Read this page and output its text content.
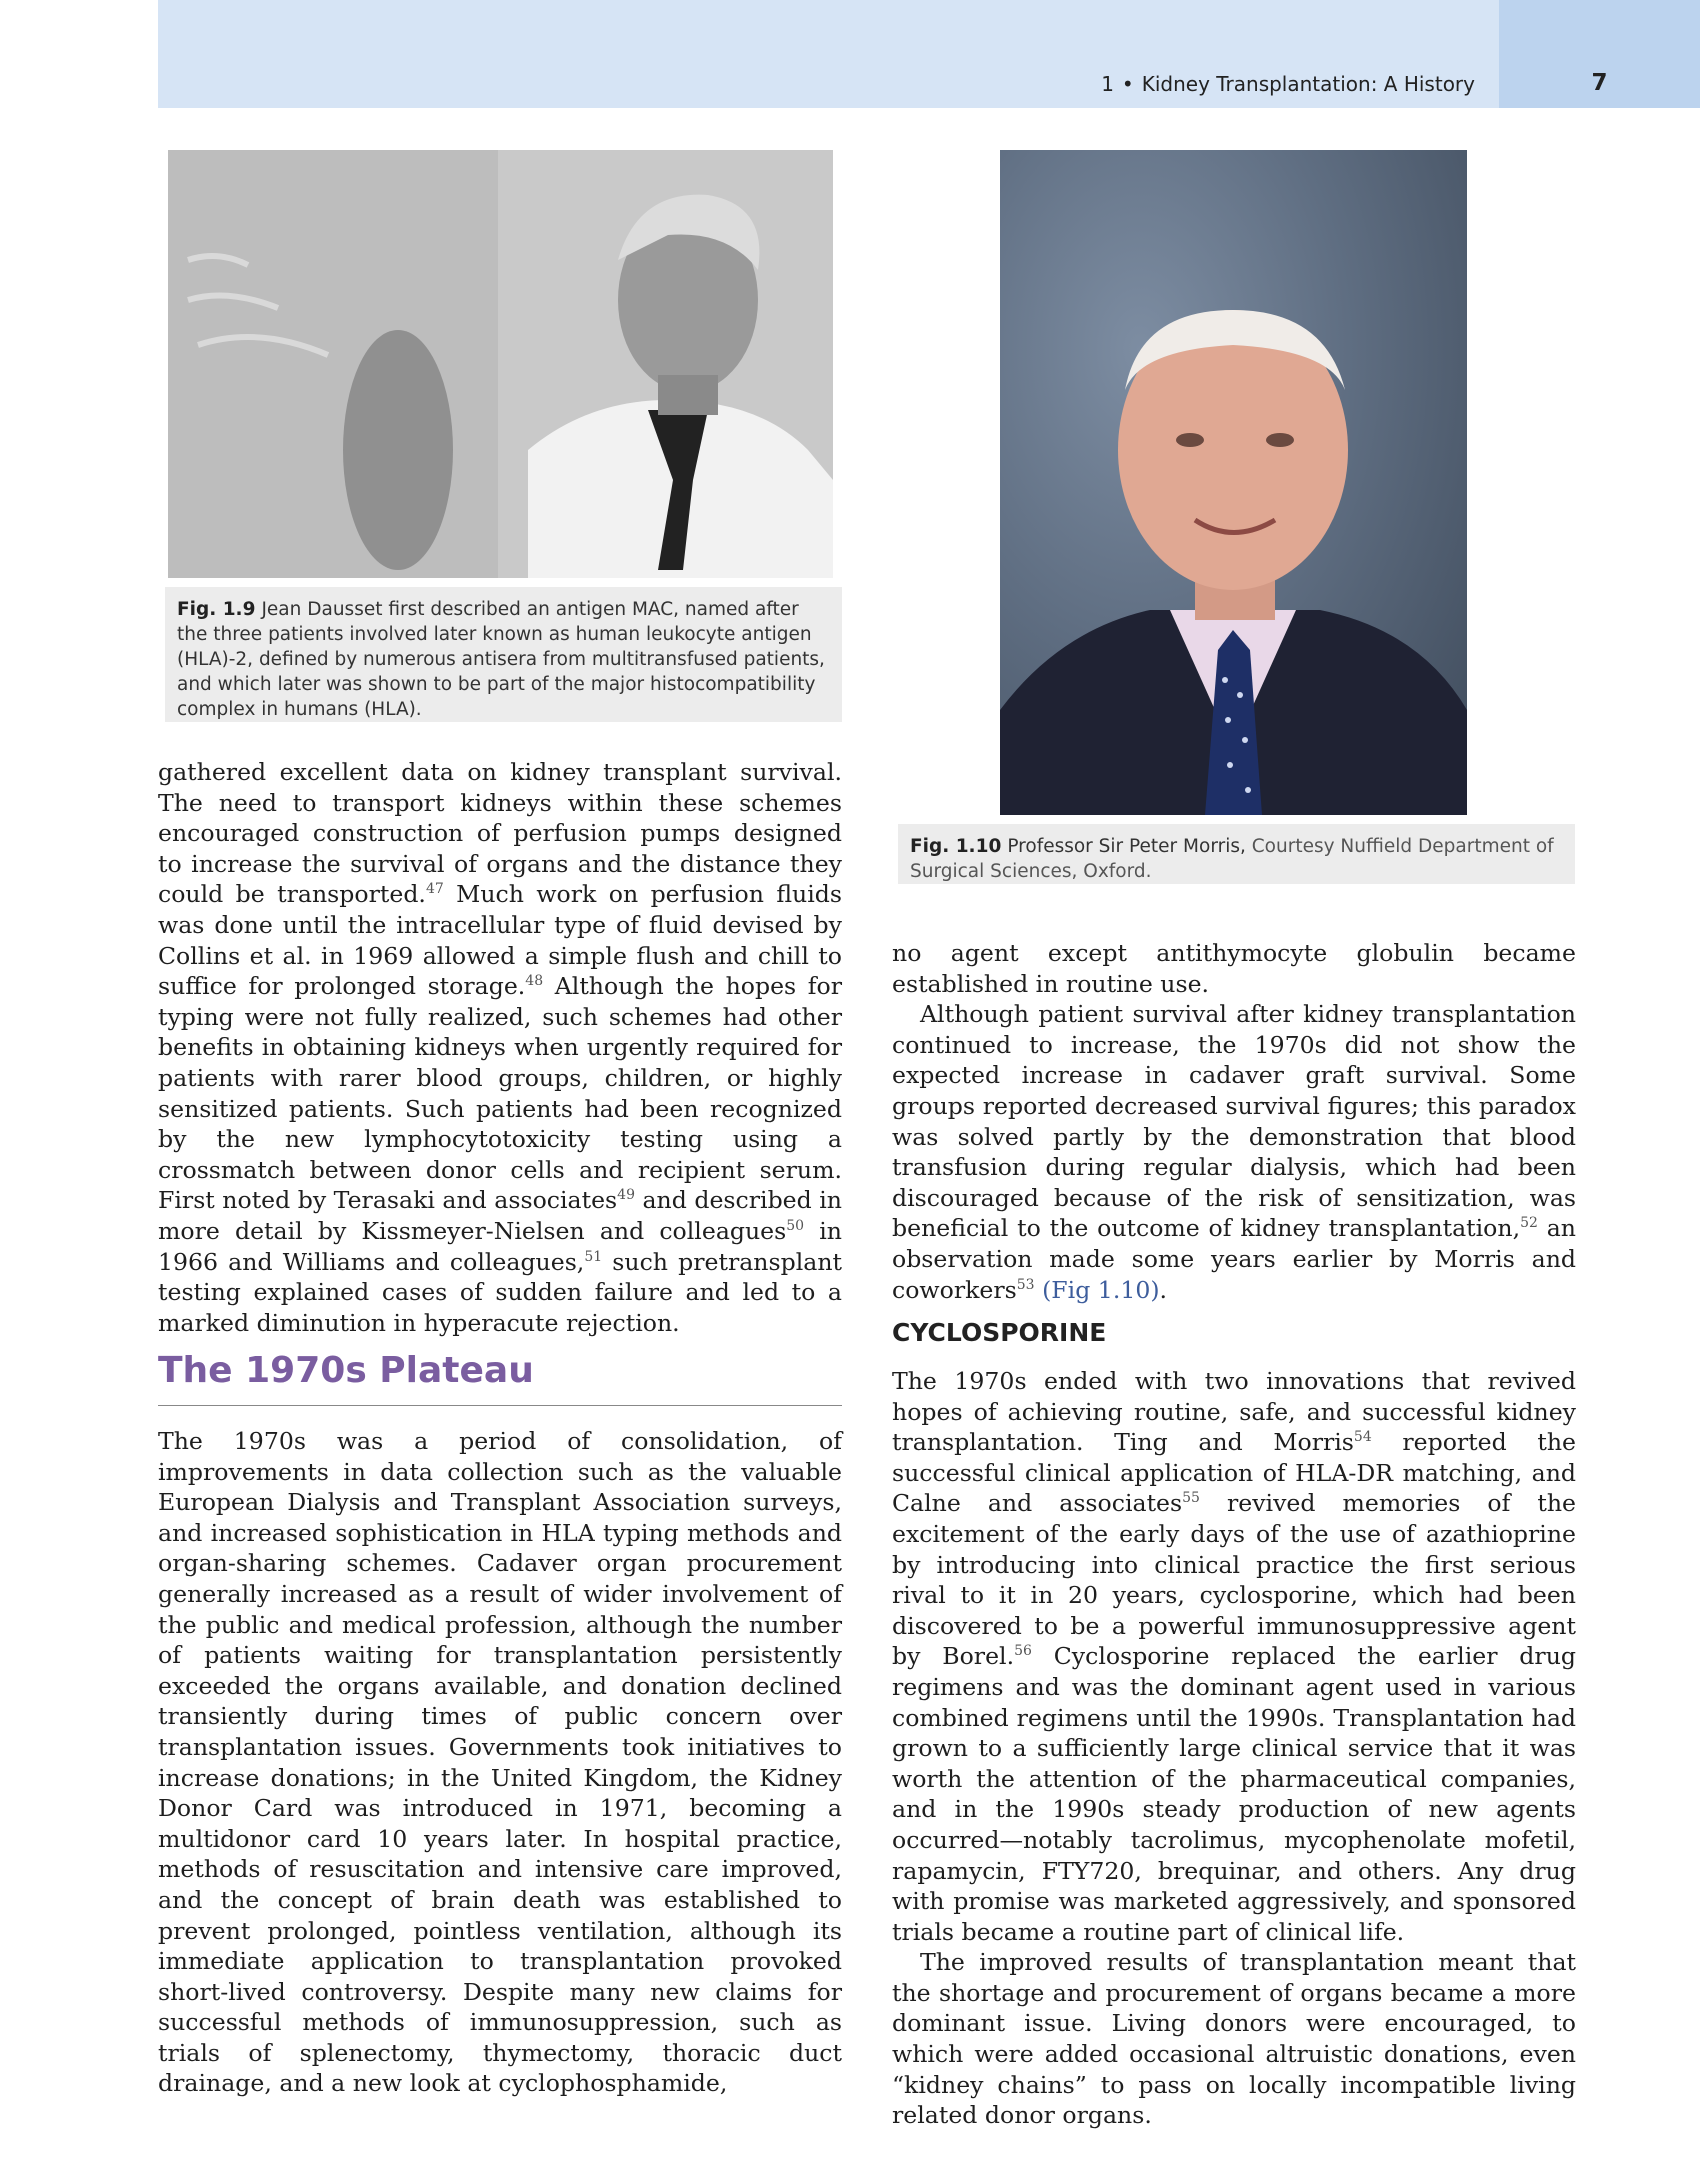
1 • Kidney Transplantation: A History	7
Fig. 1.9 Jean Dausset first described an antigen MAC, named after the three patients involved later known as human leukocyte antigen (HLA)-2, defined by numerous antisera from multitransfused patients, and which later was shown to be part of the major histocompatibility complex in humans (HLA).
Fig. 1.10 Professor Sir Peter Morris, Courtesy Nuffield Department of Surgical Sciences, Oxford.

gathered excellent data on kidney transplant survival. The need to transport kidneys within these schemes encouraged construction of perfusion pumps designed to increase the survival of organs and the distance they could be transported.$^{47}$ Much work on perfusion fluids was done until the intracellular type of fluid devised by Collins et al. in 1969 allowed a simple flush and chill to suffice for prolonged storage.$^{48}$ Although the hopes for typing were not fully realized, such schemes had other benefits in obtaining kidneys when urgently required for patients with rarer blood groups, children, or highly sensitized patients. Such patients had been recognized by the new lymphocytotoxicity testing using a crossmatch between donor cells and recipient serum. First noted by Terasaki and associates$^{49}$ and described in more detail by Kissmeyer-Nielsen and colleagues$^{50}$ in 1966 and Williams and colleagues,$^{51}$ such pretransplant testing explained cases of sudden failure and led to a marked diminution in hyperacute rejection.

The 1970s Plateau

The 1970s was a period of consolidation, of improvements in data collection such as the valuable European Dialysis and Transplant Association surveys, and increased sophistication in HLA typing methods and organ-sharing schemes. Cadaver organ procurement generally increased as a result of wider involvement of the public and medical profession, although the number of patients waiting for transplantation persistently exceeded the organs available, and donation declined transiently during times of public concern over transplantation issues. Governments took initiatives to increase donations; in the United Kingdom, the Kidney Donor Card was introduced in 1971, becoming a multidonor card 10 years later. In hospital practice, methods of resuscitation and intensive care improved, and the concept of brain death was established to prevent prolonged, pointless ventilation, although its immediate application to transplantation provoked short-lived controversy. Despite many new claims for successful methods of immunosuppression, such as trials of splenectomy, thymectomy, thoracic duct drainage, and a new look at cyclophosphamide,

no agent except antithymocyte globulin became established in routine use.

Although patient survival after kidney transplantation continued to increase, the 1970s did not show the expected increase in cadaver graft survival. Some groups reported decreased survival figures; this paradox was solved partly by the demonstration that blood transfusion during regular dialysis, which had been discouraged because of the risk of sensitization, was beneficial to the outcome of kidney transplantation,$^{52}$ an observation made some years earlier by Morris and coworkers$^{53}$ (Fig 1.10).

CYCLOSPORINE

The 1970s ended with two innovations that revived hopes of achieving routine, safe, and successful kidney transplantation. Ting and Morris$^{54}$ reported the successful clinical application of HLA-DR matching, and Calne and associates$^{55}$ revived memories of the excitement of the early days of the use of azathioprine by introducing into clinical practice the first serious rival to it in 20 years, cyclosporine, which had been discovered to be a powerful immunosuppressive agent by Borel.$^{56}$ Cyclosporine replaced the earlier drug regimens and was the dominant agent used in various combined regimens until the 1990s. Transplantation had grown to a sufficiently large clinical service that it was worth the attention of the pharmaceutical companies, and in the 1990s steady production of new agents occurred—notably tacrolimus, mycophenolate mofetil, rapamycin, FTY720, brequinar, and others. Any drug with promise was marketed aggressively, and sponsored trials became a routine part of clinical life.

The improved results of transplantation meant that the shortage and procurement of organs became a more dominant issue. Living donors were encouraged, to which were added occasional altruistic donations, even “kidney chains” to pass on locally incompatible living related donor organs.
